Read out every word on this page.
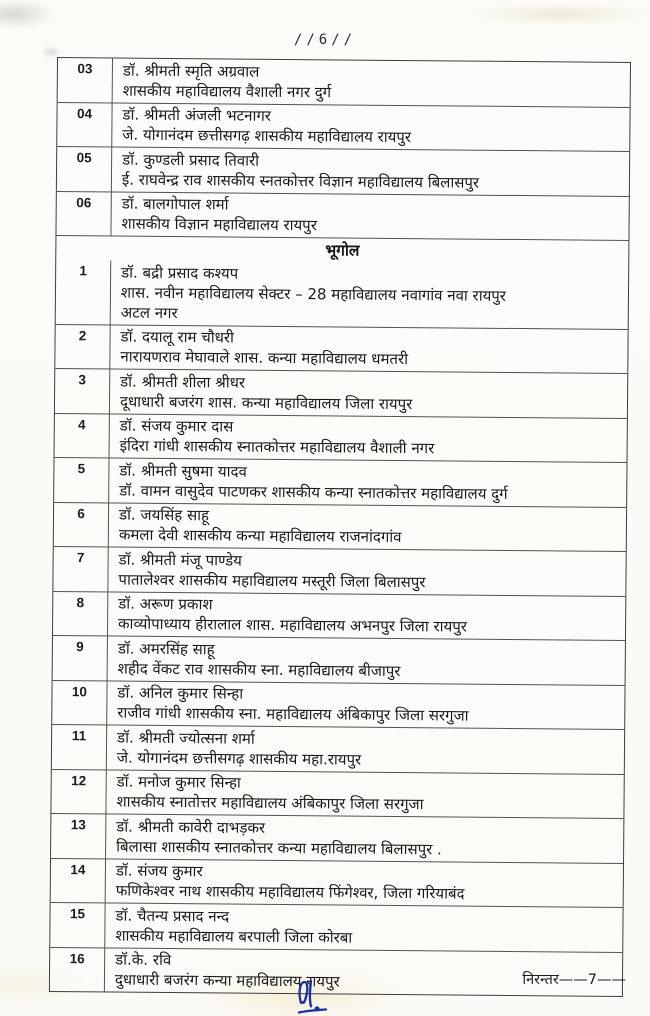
//6//
03	डॉ. श्रीमती स्मृति अग्रवाल
शासकीय महाविद्यालय वैशाली नगर दुर्ग
04	डॉ. श्रीमती अंजली भटनागर
जे. योगानंदम छत्तीसगढ़ शासकीय महाविद्यालय रायपुर
05	डॉ. कुण्डली प्रसाद तिवारी
ई. राघवेन्द्र राव शासकीय स्नतकोत्तर विज्ञान महाविद्यालय बिलासपुर
06	डॉ. बालगोपाल शर्मा
शासकीय विज्ञान महाविद्यालय रायपुर
भूगोल
1	डॉ. बद्री प्रसाद कश्यप
शास. नवीन महाविद्यालय सेक्टर – 28 महाविद्यालय नवागांव नवा रायपुर
अटल नगर
2	डॉ. दयालू राम चौधरी
नारायणराव मेघावाले शास. कन्या महाविद्यालय धमतरी
3	डॉ. श्रीमती शीला श्रीधर
दूधाधारी बजरंग शास. कन्या महाविद्यालय जिला रायपुर
4	डॉ. संजय कुमार दास
इंदिरा गांधी शासकीय स्नातकोत्तर महाविद्यालय वैशाली नगर
5	डॉ. श्रीमती सुषमा यादव
डॉ. वामन वासुदेव पाटणकर शासकीय कन्या स्नातकोत्तर महाविद्यालय दुर्ग
6	डॉ. जयसिंह साहू
कमला देवी शासकीय कन्या महाविद्यालय राजनांदगांव
7	डॉ. श्रीमती मंजू पाण्डेय
पातालेश्वर शासकीय महाविद्यालय मस्तूरी जिला बिलासपुर
8	डॉ. अरूण प्रकाश
काव्योपाध्याय हीरालाल शास. महाविद्यालय अभनपुर जिला रायपुर
9	डॉ. अमरसिंह साहू
शहीद वेंकट राव शासकीय स्ना. महाविद्यालय बीजापुर
10	डॉ. अनिल कुमार सिन्हा
राजीव गांधी शासकीय स्ना. महाविद्यालय अंबिकापुर जिला सरगुजा
11	डॉ. श्रीमती ज्योत्सना शर्मा
जे. योगानंदम छत्तीसगढ़ शासकीय महा.रायपुर
12	डॉ. मनोज कुमार सिन्हा
शासकीय स्नातोत्तर महाविद्यालय अंबिकापुर जिला सरगुजा
13	डॉ. श्रीमती कावेरी दाभड़कर
बिलासा शासकीय स्नातकोत्तर कन्या महाविद्यालय बिलासपुर .
14	डॉ. संजय कुमार
फणिकेश्वर नाथ शासकीय महाविद्यालय फिंगेश्वर, जिला गरियाबंद
15	डॉ. चैतन्य प्रसाद नन्द
शासकीय महाविद्यालय बरपाली जिला कोरबा
16	डॉ.के. रवि
दुधाधारी बजरंग कन्या महाविद्यालय रायपुर	निरन्तर——7——
